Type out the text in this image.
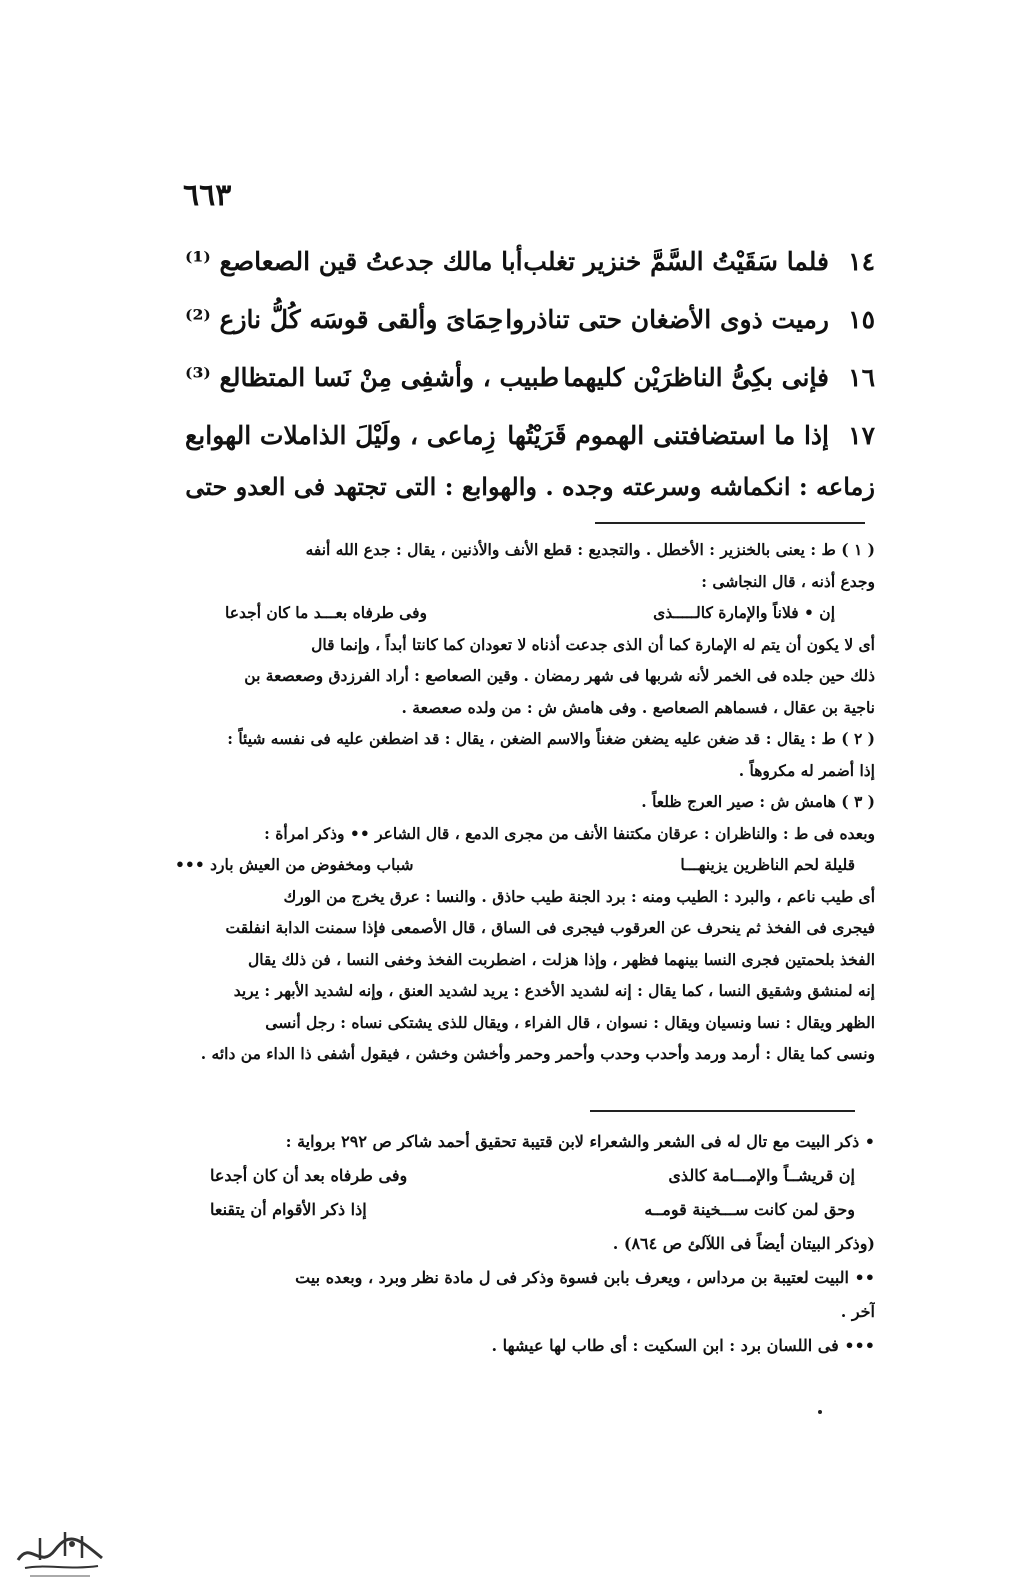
٦٦٣
١٤
فلما سَقَيْتُ السَّمَّ خنزير تغلب
أبا مالك جدعتُ قين الصعاصع ⁽¹⁾
١٥
رميت ذوى الأضغان حتى تناذروا
حِمَاىَ وألقى قوسَه كُلُّ نازع ⁽²⁾
١٦
فإنى بكِىُّ الناظرَيْن كليهما
طبيب ، وأشفِى مِنْ نَسا المتظالع ⁽³⁾
١٧
إذا ما استضافتنى الهموم قَرَيْتُها
زِماعى ، ولَيْلَ الذاملات الهوابع
زماعه : انكماشه وسرعته وجده . والهوابع : التى تجتهد فى العدو حتى
( ١ ) ط : يعنى بالخنزير : الأخطل . والتجديع : قطع الأنف والأذنين ، يقال : جدع الله أنفه
وجدع أذنه ، قال النجاشى :
إن • فلاناً والإمارة كالـــــذى
وفى طرفاه بعـــد ما كان أجدعا
أى لا يكون أن يتم له الإمارة كما أن الذى جدعت أذناه لا تعودان كما كانتا أبداً ، وإنما قال
ذلك حين جلده فى الخمر لأنه شربها فى شهر رمضان . وقين الصعاصع : أراد الفرزدق وصعصعة بن
ناجية بن عقال ، فسماهم الصعاصع . وفى هامش ش : من ولده صعصعة .
( ٢ ) ط : يقال : قد ضغن عليه يضغن ضغناً والاسم الضغن ، يقال : قد اضطغن عليه فى نفسه شيئاً :
إذا أضمر له مكروهاً .
( ٣ ) هامش ش : صير العرج ظلعاً .
وبعده فى ط : والناظران : عرقان مكتنفا الأنف من مجرى الدمع ، قال الشاعر •• وذكر امرأة :
قليلة لحم الناظرين يزينهـــا
شباب ومخفوض من العيش بارد •••
أى طيب ناعم ، والبرد : الطيب ومنه : برد الجنة طيب حاذق . والنسا : عرق يخرج من الورك
فيجرى فى الفخذ ثم ينحرف عن العرقوب فيجرى فى الساق ، قال الأصمعى فإذا سمنت الدابة انفلقت
الفخذ بلحمتين فجرى النسا بينهما فظهر ، وإذا هزلت ، اضطربت الفخذ وخفى النسا ، فن ذلك يقال
إنه لمنشق وشقيق النسا ، كما يقال : إنه لشديد الأخدع : يريد لشديد العنق ، وإنه لشديد الأبهر : يريد
الظهر ويقال : نسا ونسيان ويقال : نسوان ، قال الفراء ، ويقال للذى يشتكى نساه : رجل أنسى
ونسى كما يقال : أرمد ورمد وأحدب وحدب وأحمر وحمر وأخشن وخشن ، فيقول أشفى ذا الداء من دائه .
• ذكر البيت مع تال له فى الشعر والشعراء لابن قتيبة تحقيق أحمد شاكر ص ٢٩٢ برواية :
إن قريشــاً والإمـــامة كالذى
وفى طرفاه بعد أن كان أجدعا
وحق لمن كانت ســـخينة قومــه
إذا ذكر الأقوام أن يتقنعا
(وذكر البيتان أيضاً فى اللآلئ ص ٨٦٤) .
•• البيت لعتيبة بن مرداس ، ويعرف بابن فسوة وذكر فى ل مادة نظر وبرد ، وبعده بيت
آخر .
••• فى اللسان برد : ابن السكيت : أى طاب لها عيشها .
